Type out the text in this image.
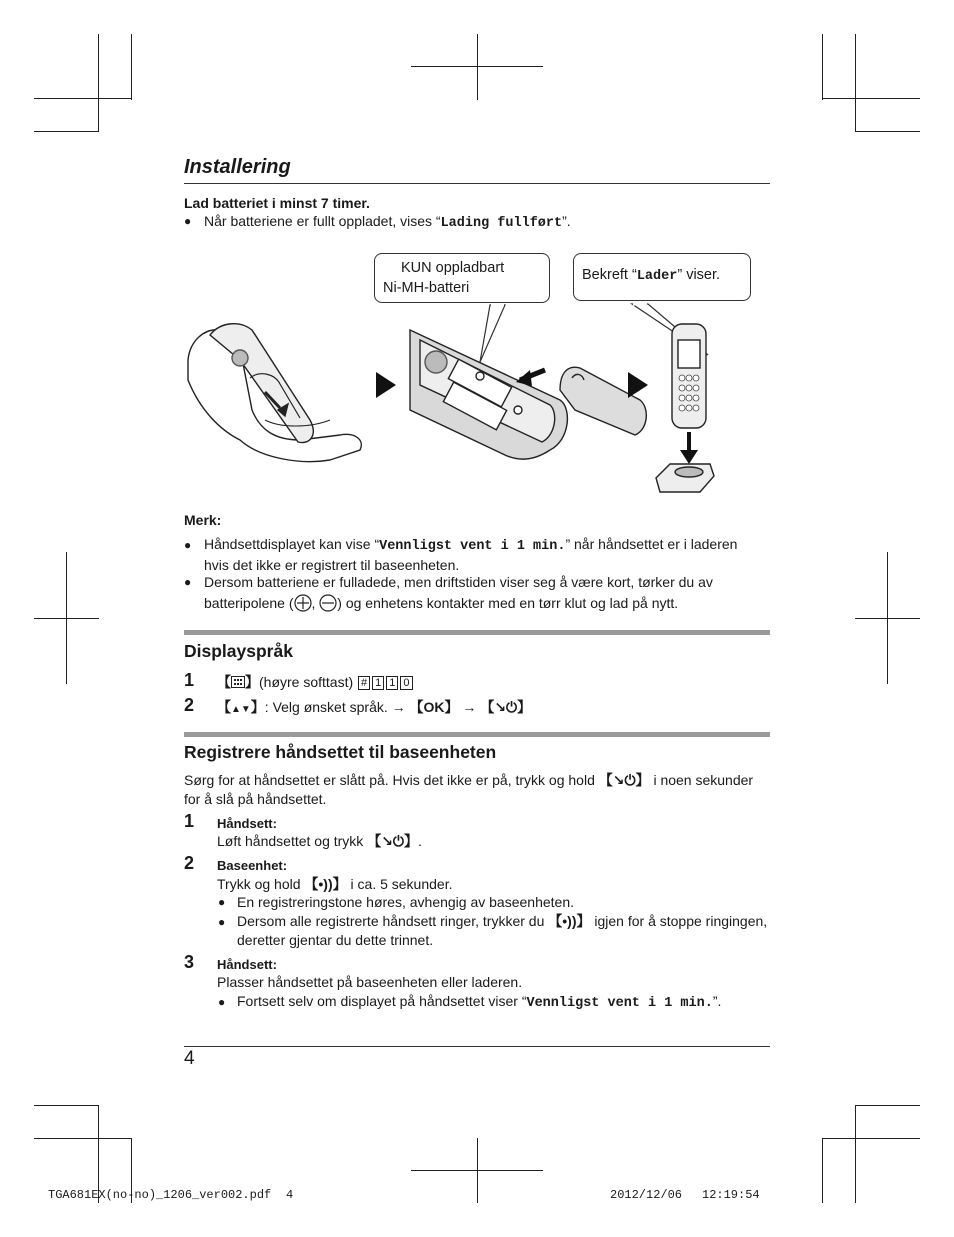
Installering
Lad batteriet i minst 7 timer.
● Når batteriene er fullt oppladet, vises “Lading fullført”.
KUN oppladbart
Ni-MH-batteri
Bekreft “Lader” viser.
Merk:
● Håndsettdisplayet kan vise “Vennligst vent i 1 min.” når håndsettet er i laderen
hvis det ikke er registrert til baseenheten.
● Dersom batteriene er fulladede, men driftstiden viser seg å være kort, tørker du av
batteripolene ( , ) og enhetens kontakter med en tørr klut og lad på nytt.
Displayspråk
1 【 】(høyre softtast) # 1 1 0
2 【▲▼】: Velg ønsket språk. → 【OK】 → 【↘⏻】
Registrere håndsettet til baseenheten
Sørg for at håndsettet er slått på. Hvis det ikke er på, trykk og hold 【↘⏻】 i noen sekunder
for å slå på håndsettet.
1 Håndsett:
Løft håndsettet og trykk 【↘⏻】.
2 Baseenhet:
Trykk og hold 【•))】 i ca. 5 sekunder.
● En registreringstone høres, avhengig av baseenheten.
● Dersom alle registrerte håndsett ringer, trykker du 【•))】 igjen for å stoppe ringingen,
deretter gjentar du dette trinnet.
3 Håndsett:
Plasser håndsettet på baseenheten eller laderen.
● Fortsett selv om displayet på håndsettet viser “Vennligst vent i 1 min.”.
4
TGA681EX(no-no)_1206_ver002.pdf 4	2012/12/06 12:19:54
